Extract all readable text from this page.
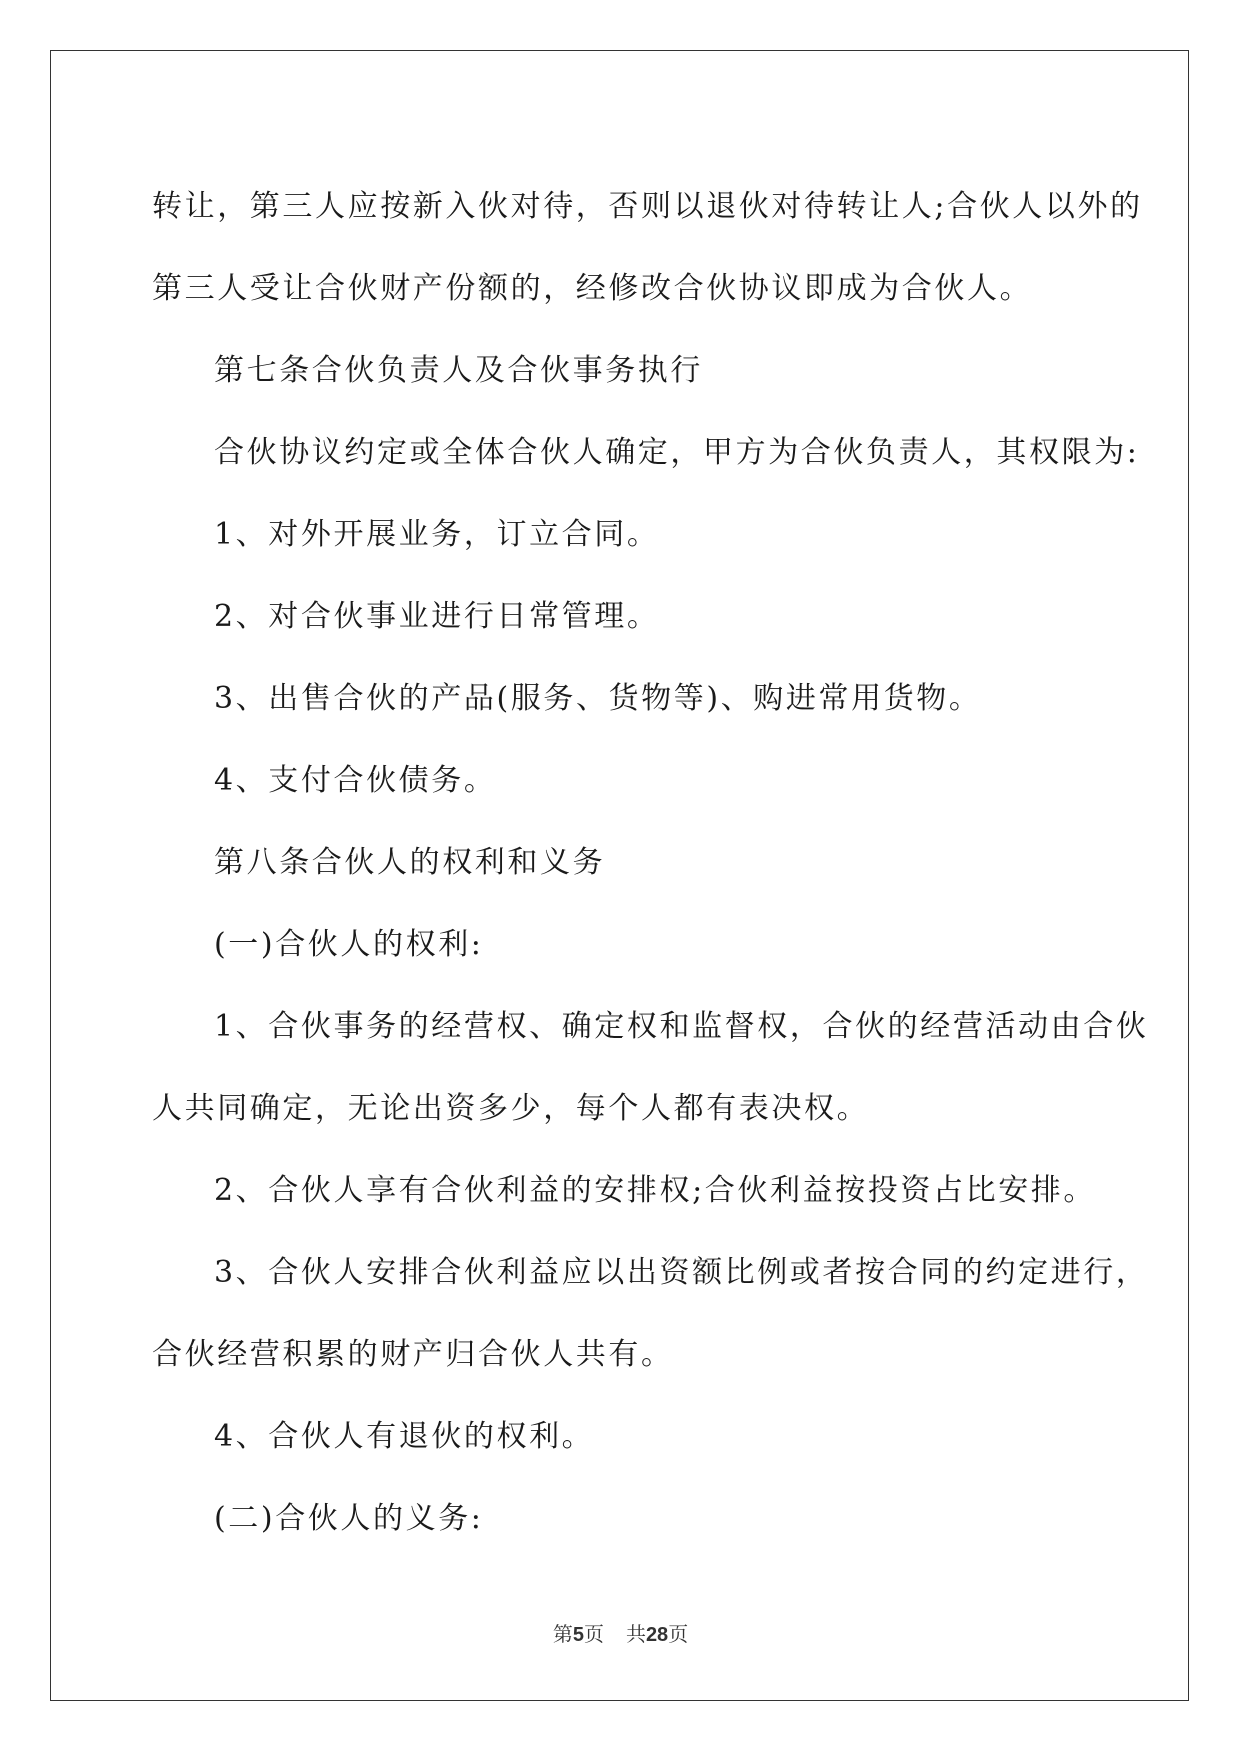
转让，第三人应按新入伙对待，否则以退伙对待转让人;合伙人以外的

第三人受让合伙财产份额的，经修改合伙协议即成为合伙人。

第七条合伙负责人及合伙事务执行

合伙协议约定或全体合伙人确定，甲方为合伙负责人，其权限为:

1、对外开展业务，订立合同。

2、对合伙事业进行日常管理。

3、出售合伙的产品(服务、货物等)、购进常用货物。

4、支付合伙债务。

第八条合伙人的权利和义务

(一)合伙人的权利:

1、合伙事务的经营权、确定权和监督权，合伙的经营活动由合伙

人共同确定，无论出资多少，每个人都有表决权。

2、合伙人享有合伙利益的安排权;合伙利益按投资占比安排。

3、合伙人安排合伙利益应以出资额比例或者按合同的约定进行，

合伙经营积累的财产归合伙人共有。

4、合伙人有退伙的权利。

(二)合伙人的义务:

第5页 共28页
